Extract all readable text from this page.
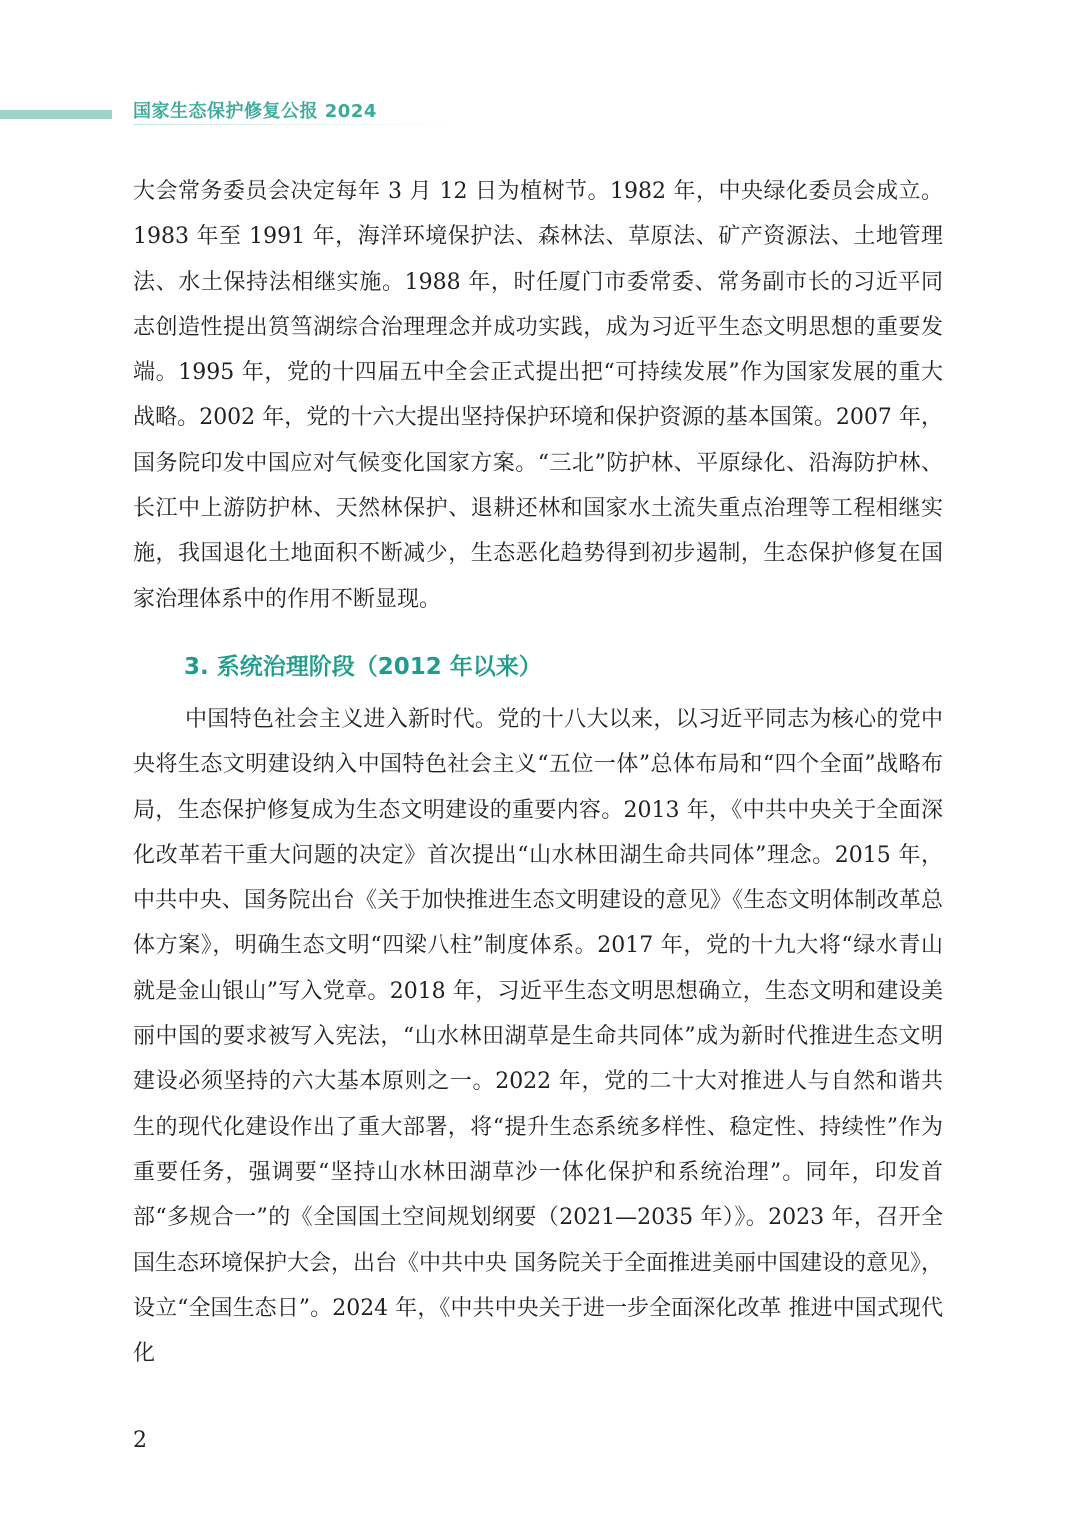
国家生态保护修复公报 2024

大会常务委员会决定每年 3 月 12 日为植树节。1982 年，中央绿化委员会成立。1983 年至 1991 年，海洋环境保护法、森林法、草原法、矿产资源法、土地管理法、水土保持法相继实施。1988 年，时任厦门市委常委、常务副市长的习近平同志创造性提出筼筜湖综合治理理念并成功实践，成为习近平生态文明思想的重要发端。1995 年，党的十四届五中全会正式提出把“可持续发展”作为国家发展的重大战略。2002 年，党的十六大提出坚持保护环境和保护资源的基本国策。2007 年，国务院印发中国应对气候变化国家方案。“三北”防护林、平原绿化、沿海防护林、长江中上游防护林、天然林保护、退耕还林和国家水土流失重点治理等工程相继实施，我国退化土地面积不断减少，生态恶化趋势得到初步遏制，生态保护修复在国家治理体系中的作用不断显现。

3. 系统治理阶段（2012 年以来）

中国特色社会主义进入新时代。党的十八大以来，以习近平同志为核心的党中央将生态文明建设纳入中国特色社会主义“五位一体”总体布局和“四个全面”战略布局，生态保护修复成为生态文明建设的重要内容。2013 年，《中共中央关于全面深化改革若干重大问题的决定》首次提出“山水林田湖生命共同体”理念。2015 年，中共中央、国务院出台《关于加快推进生态文明建设的意见》《生态文明体制改革总体方案》，明确生态文明“四梁八柱”制度体系。2017 年，党的十九大将“绿水青山就是金山银山”写入党章。2018 年，习近平生态文明思想确立，生态文明和建设美丽中国的要求被写入宪法，“山水林田湖草是生命共同体”成为新时代推进生态文明建设必须坚持的六大基本原则之一。2022 年，党的二十大对推进人与自然和谐共生的现代化建设作出了重大部署，将“提升生态系统多样性、稳定性、持续性”作为重要任务，强调要“坚持山水林田湖草沙一体化保护和系统治理”。同年，印发首部“多规合一”的《全国国土空间规划纲要（2021—2035 年）》。2023 年，召开全国生态环境保护大会，出台《中共中央 国务院关于全面推进美丽中国建设的意见》，设立“全国生态日”。2024 年，《中共中央关于进一步全面深化改革 推进中国式现代化

2
